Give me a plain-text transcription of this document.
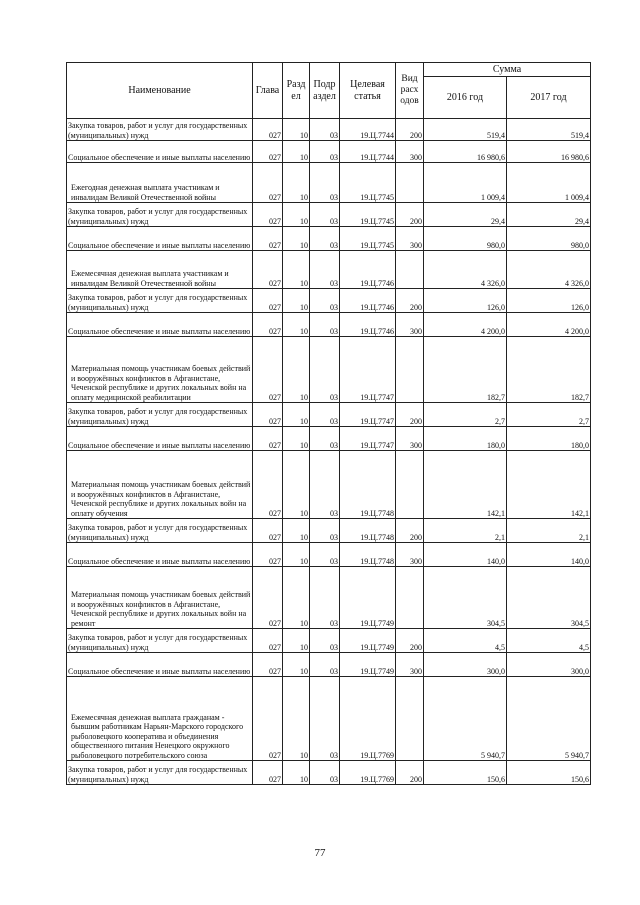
Наименование	Глава	Разд
ел	Подр
аздел	Целевая
статья	Вид
расх
одов	Сумма	
						2016 год	2017 год
Закупка товаров, работ и услуг для государственных (муниципальных) нужд	027	10	03	19.Ц.7744	200	519,4	519,4
Социальное обеспечение и иные выплаты населению	027	10	03	19.Ц.7744	300	16 980,6	16 980,6
Ежегодная денежная выплата участникам и инвалидам Великой Отечественной войны	027	10	03	19.Ц.7745		1 009,4	1 009,4
Закупка товаров, работ и услуг для государственных (муниципальных) нужд	027	10	03	19.Ц.7745	200	29,4	29,4
Социальное обеспечение и иные выплаты населению	027	10	03	19.Ц.7745	300	980,0	980,0
Ежемесячная денежная выплата участникам и инвалидам Великой Отечественной войны	027	10	03	19.Ц.7746		4 326,0	4 326,0
Закупка товаров, работ и услуг для государственных (муниципальных) нужд	027	10	03	19.Ц.7746	200	126,0	126,0
Социальное обеспечение и иные выплаты населению	027	10	03	19.Ц.7746	300	4 200,0	4 200,0
Материальная помощь участникам боевых действий и вооружённых конфликтов в Афганистане, Чеченской республике и других локальных войн на оплату медицинской реабилитации	027	10	03	19.Ц.7747		182,7	182,7
Закупка товаров, работ и услуг для государственных (муниципальных) нужд	027	10	03	19.Ц.7747	200	2,7	2,7
Социальное обеспечение и иные выплаты населению	027	10	03	19.Ц.7747	300	180,0	180,0
Материальная помощь участникам боевых действий и вооружённых конфликтов в Афганистане, Чеченской республике и других локальных войн на оплату обучения	027	10	03	19.Ц.7748		142,1	142,1
Закупка товаров, работ и услуг для государственных (муниципальных) нужд	027	10	03	19.Ц.7748	200	2,1	2,1
Социальное обеспечение и иные выплаты населению	027	10	03	19.Ц.7748	300	140,0	140,0
Материальная помощь участникам боевых действий и вооружённых конфликтов в Афганистане, Чеченской республике и других локальных войн на ремонт	027	10	03	19.Ц.7749		304,5	304,5
Закупка товаров, работ и услуг для государственных (муниципальных) нужд	027	10	03	19.Ц.7749	200	4,5	4,5
Социальное обеспечение и иные выплаты населению	027	10	03	19.Ц.7749	300	300,0	300,0
Ежемесячная денежная выплата гражданам - бывшим работникам Нарьян-Марского городского рыболовецкого кооператива и объединения общественного питания Ненецкого окружного рыболовецкого потребительского союза	027	10	03	19.Ц.7769		5 940,7	5 940,7
Закупка товаров, работ и услуг для государственных (муниципальных) нужд	027	10	03	19.Ц.7769	200	150,6	150,6
77
